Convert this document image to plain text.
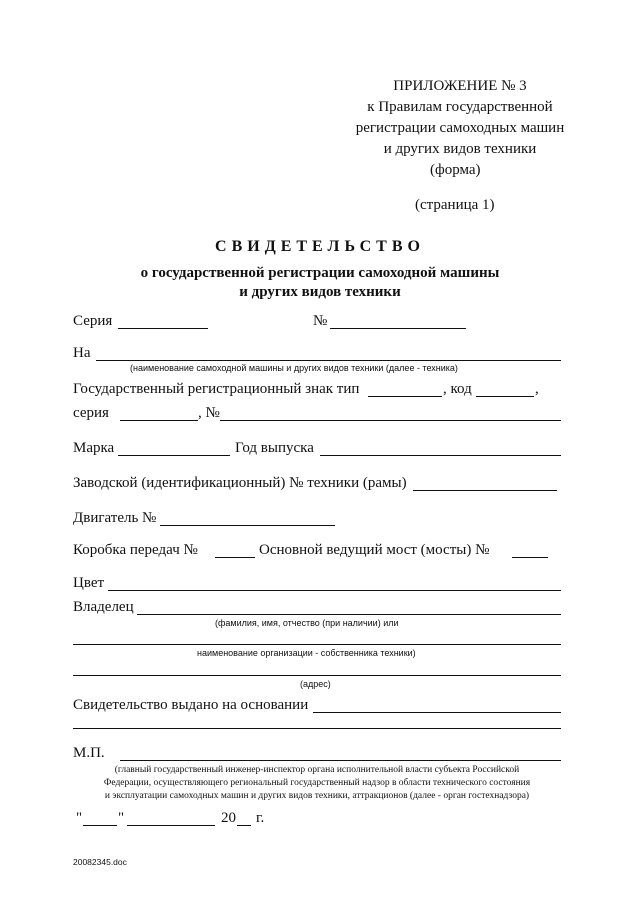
ПРИЛОЖЕНИЕ № 3
к Правилам государственной
регистрации самоходных машин
и других видов техники
(форма)
(страница 1)
СВИДЕТЕЛЬСТВО
о государственной регистрации самоходной машины
и других видов техники
Серия	№
На
(наименование самоходной машины и других видов техники (далее - техника)
Государственный регистрационный знак тип	, код	,
серия	, №
Марка	Год выпуска
Заводской (идентификационный) № техники (рамы)
Двигатель №
Коробка передач №	Основной ведущий мост (мосты) №
Цвет
Владелец
(фамилия, имя, отчество (при наличии) или
наименование организации - собственника техники)
(адрес)
Свидетельство выдано на основании
М.П.
(главный государственный инженер-инспектор органа исполнительной власти субъекта Российской
Федерации, осуществляющего региональный государственный надзор в области технического состояния
и эксплуатации самоходных машин и других видов техники, аттракционов (далее - орган гостехнадзора)
" "	20 г.
20082345.doc
